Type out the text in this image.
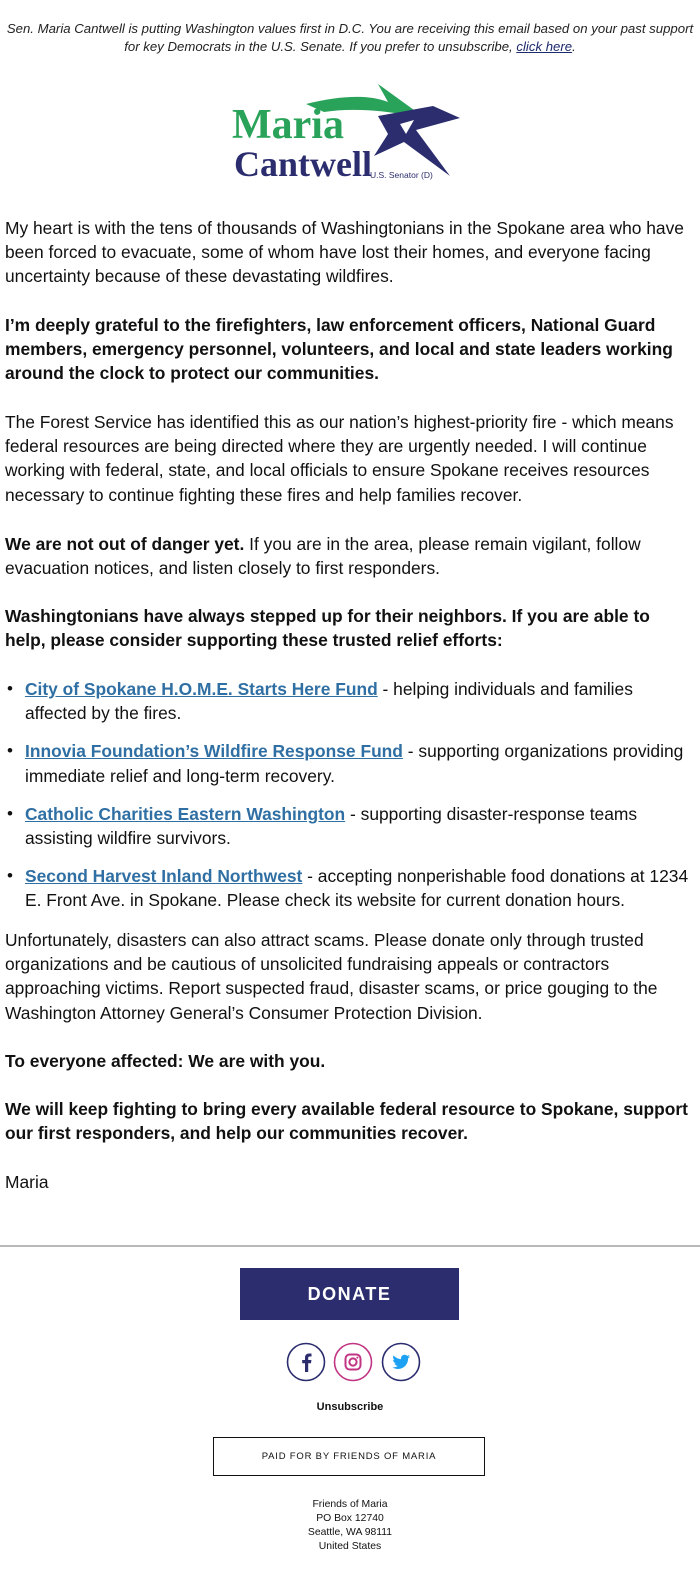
Sen. Maria Cantwell is putting Washington values first in D.C. You are receiving this email based on your past support for key Democrats in the U.S. Senate. If you prefer to unsubscribe, click here.
Maria
Cantwell
U.S. Senator (D)
My heart is with the tens of thousands of Washingtonians in the Spokane area who have been forced to evacuate, some of whom have lost their homes, and everyone facing uncertainty because of these devastating wildfires.
I’m deeply grateful to the firefighters, law enforcement officers, National Guard members, emergency personnel, volunteers, and local and state leaders working around the clock to protect our communities.
The Forest Service has identified this as our nation’s highest-priority fire - which means federal resources are being directed where they are urgently needed. I will continue working with federal, state, and local officials to ensure Spokane receives resources necessary to continue fighting these fires and help families recover.
We are not out of danger yet. If you are in the area, please remain vigilant, follow evacuation notices, and listen closely to first responders.
Washingtonians have always stepped up for their neighbors. If you are able to help, please consider supporting these trusted relief efforts:
• City of Spokane H.O.M.E. Starts Here Fund - helping individuals and families affected by the fires.
• Innovia Foundation’s Wildfire Response Fund - supporting organizations providing immediate relief and long-term recovery.
• Catholic Charities Eastern Washington - supporting disaster-response teams assisting wildfire survivors.
• Second Harvest Inland Northwest - accepting nonperishable food donations at 1234 E. Front Ave. in Spokane. Please check its website for current donation hours.
Unfortunately, disasters can also attract scams. Please donate only through trusted organizations and be cautious of unsolicited fundraising appeals or contractors approaching victims. Report suspected fraud, disaster scams, or price gouging to the Washington Attorney General’s Consumer Protection Division.
To everyone affected: We are with you.
We will keep fighting to bring every available federal resource to Spokane, support our first responders, and help our communities recover.
Maria
DONATE
Unsubscribe
PAID FOR BY FRIENDS OF MARIA
Friends of Maria
PO Box 12740
Seattle, WA 98111
United States
